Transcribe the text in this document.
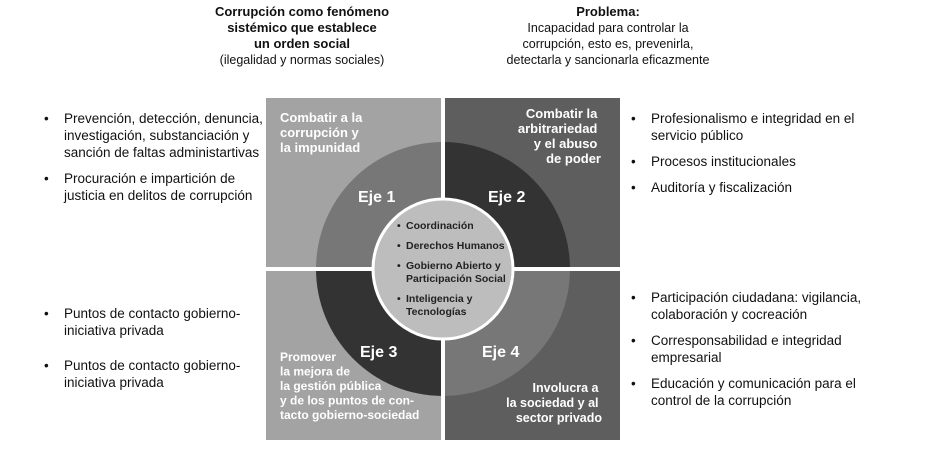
Corrupción como fenómeno
sistémico que establece
un orden social
(ilegalidad y normas sociales)
Problema:
Incapacidad para controlar la
corrupción, esto es, prevenirla,
detectarla y sancionarla eficazmente
• Prevención, detección, denuncia, investigación, substanciación y sanción de faltas administartivas
• Procuración e impartición de justicia en delitos de corrupción
• Profesionalismo e integridad en el servicio público
• Procesos institucionales
• Auditoría y fiscalización
• Puntos de contacto gobierno-iniciativa privada
• Puntos de contacto gobierno-iniciativa privada
• Participación ciudadana: vigilancia, colaboración y cocreación
• Corresponsabilidad e integridad empresarial
• Educación y comunicación para el control de la corrupción
Combatir a la corrupción y la impunidad
Combatir la arbitrariedad y el abuso de poder
Promover la mejora de la gestión pública y de los puntos de con- tacto gobierno-sociedad
Involucra a la sociedad y al sector privado
Eje 1	Eje 2
Eje 3	Eje 4
• Coordinación
• Derechos Humanos
• Gobierno Abierto y
Participación Social
• Inteligencia y
Tecnologías
